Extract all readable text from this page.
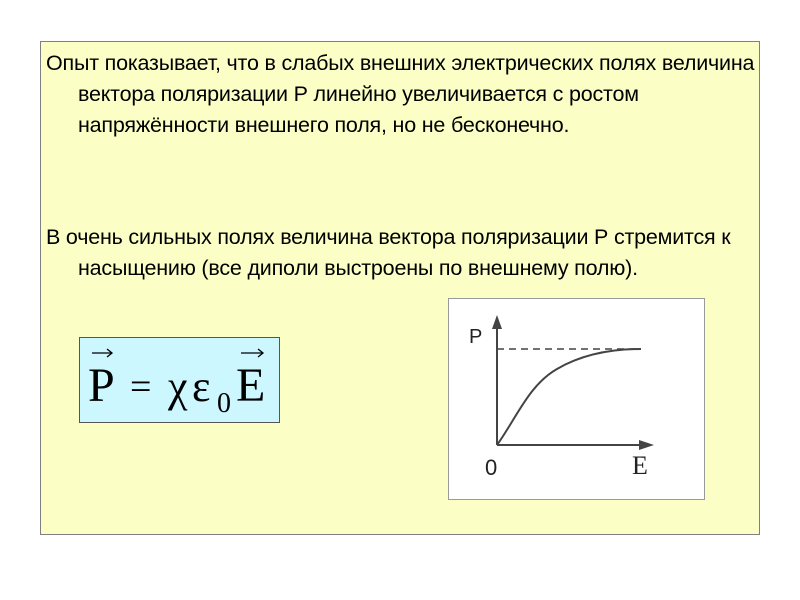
Опыт показывает, что в слабых внешних электрических полях величина вектора поляризации Р линейно увеличивается с ростом напряжённости внешнего поля, но не бесконечно.
В очень сильных полях величина вектора поляризации Р стремится к насыщению (все диполи выстроены по внешнему полю).
P = χ ε 0 E
P
E
0
